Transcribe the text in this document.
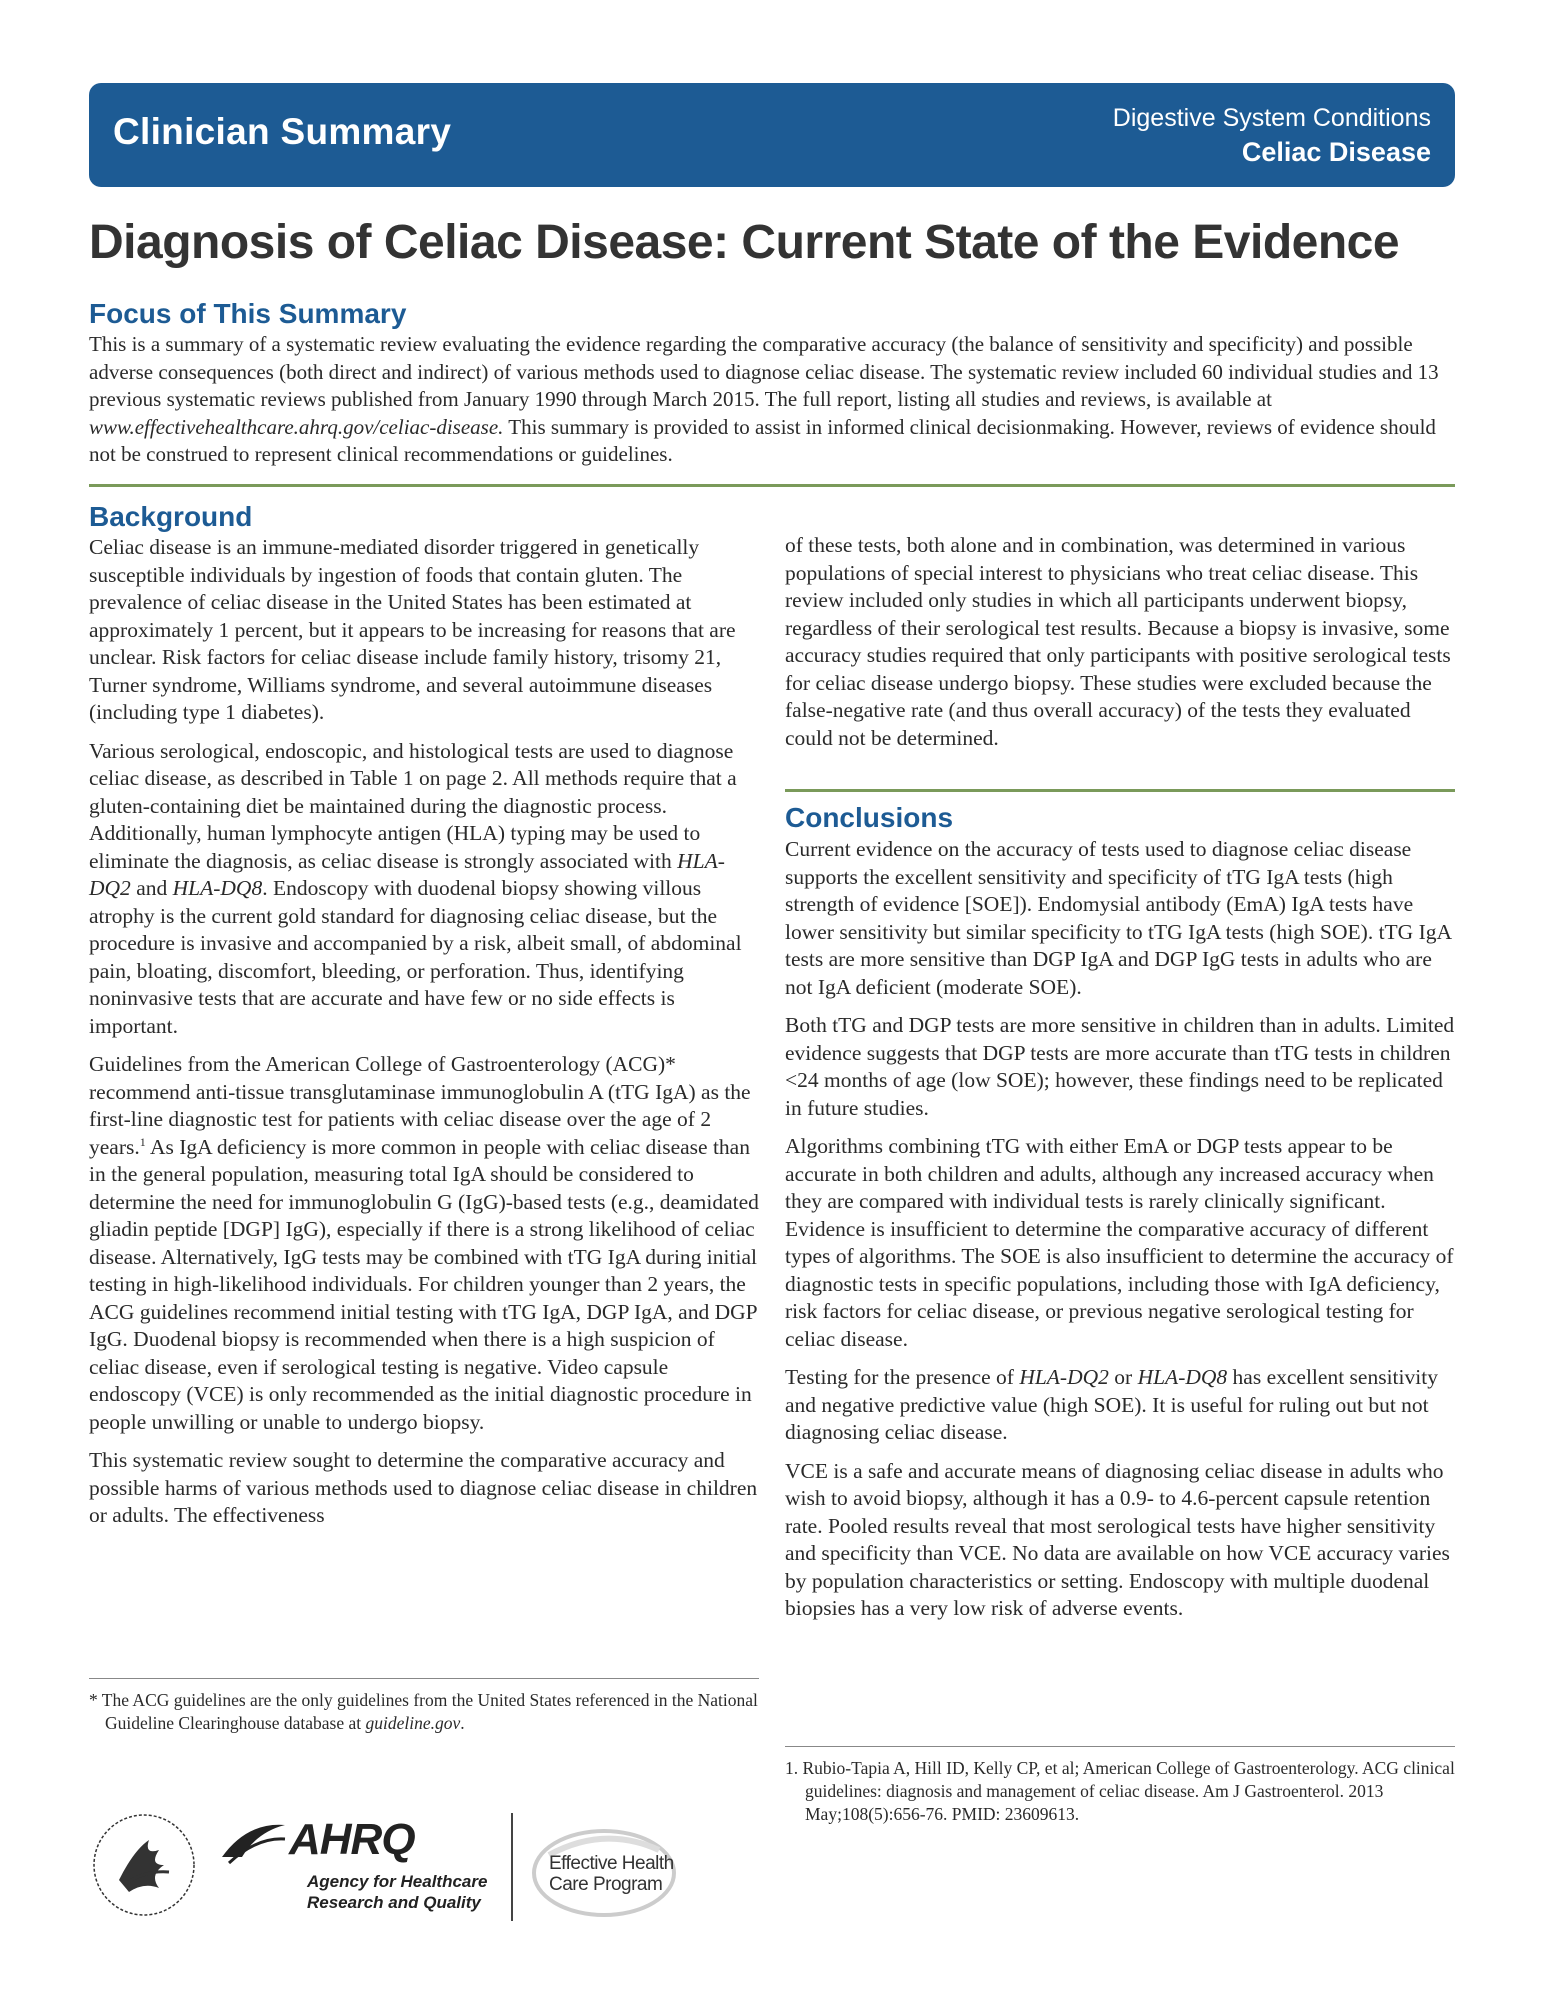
Clinician Summary	Digestive System Conditions
Celiac Disease
Diagnosis of Celiac Disease: Current State of the Evidence
Focus of This Summary

This is a summary of a systematic review evaluating the evidence regarding the comparative accuracy (the balance of sensitivity and specificity) and possible adverse consequences (both direct and indirect) of various methods used to diagnose celiac disease. The systematic review included 60 individual studies and 13 previous systematic reviews published from January 1990 through March 2015. The full report, listing all studies and reviews, is available at www.effectivehealthcare.ahrq.gov/celiac-disease. This summary is provided to assist in informed clinical decisionmaking. However, reviews of evidence should not be construed to represent clinical recommendations or guidelines.

Background

Celiac disease is an immune-mediated disorder triggered in genetically susceptible individuals by ingestion of foods that contain gluten. The prevalence of celiac disease in the United States has been estimated at approximately 1 percent, but it appears to be increasing for reasons that are unclear. Risk factors for celiac disease include family history, trisomy 21, Turner syndrome, Williams syndrome, and several autoimmune diseases (including type 1 diabetes).

Various serological, endoscopic, and histological tests are used to diagnose celiac disease, as described in Table 1 on page 2. All methods require that a gluten-containing diet be maintained during the diagnostic process. Additionally, human lymphocyte antigen (HLA) typing may be used to eliminate the diagnosis, as celiac disease is strongly associated with HLA-DQ2 and HLA-DQ8. Endoscopy with duodenal biopsy showing villous atrophy is the current gold standard for diagnosing celiac disease, but the procedure is invasive and accompanied by a risk, albeit small, of abdominal pain, bloating, discomfort, bleeding, or perforation. Thus, identifying noninvasive tests that are accurate and have few or no side effects is important.

Guidelines from the American College of Gastroenterology (ACG)* recommend anti-tissue transglutaminase immunoglobulin A (tTG IgA) as the first-line diagnostic test for patients with celiac disease over the age of 2 years.$^1$ As IgA deficiency is more common in people with celiac disease than in the general population, measuring total IgA should be considered to determine the need for immunoglobulin G (IgG)-based tests (e.g., deamidated gliadin peptide [DGP] IgG), especially if there is a strong likelihood of celiac disease. Alternatively, IgG tests may be combined with tTG IgA during initial testing in high-likelihood individuals. For children younger than 2 years, the ACG guidelines recommend initial testing with tTG IgA, DGP IgA, and DGP IgG. Duodenal biopsy is recommended when there is a high suspicion of celiac disease, even if serological testing is negative. Video capsule endoscopy (VCE) is only recommended as the initial diagnostic procedure in people unwilling or unable to undergo biopsy.

This systematic review sought to determine the comparative accuracy and possible harms of various methods used to diagnose celiac disease in children or adults. The effectiveness

of these tests, both alone and in combination, was determined in various populations of special interest to physicians who treat celiac disease. This review included only studies in which all participants underwent biopsy, regardless of their serological test results. Because a biopsy is invasive, some accuracy studies required that only participants with positive serological tests for celiac disease undergo biopsy. These studies were excluded because the false-negative rate (and thus overall accuracy) of the tests they evaluated could not be determined.

Conclusions

Current evidence on the accuracy of tests used to diagnose celiac disease supports the excellent sensitivity and specificity of tTG IgA tests (high strength of evidence [SOE]). Endomysial antibody (EmA) IgA tests have lower sensitivity but similar specificity to tTG IgA tests (high SOE). tTG IgA tests are more sensitive than DGP IgA and DGP IgG tests in adults who are not IgA deficient (moderate SOE).

Both tTG and DGP tests are more sensitive in children than in adults. Limited evidence suggests that DGP tests are more accurate than tTG tests in children <24 months of age (low SOE); however, these findings need to be replicated in future studies.

Algorithms combining tTG with either EmA or DGP tests appear to be accurate in both children and adults, although any increased accuracy when they are compared with individual tests is rarely clinically significant. Evidence is insufficient to determine the comparative accuracy of different types of algorithms. The SOE is also insufficient to determine the accuracy of diagnostic tests in specific populations, including those with IgA deficiency, risk factors for celiac disease, or previous negative serological testing for celiac disease.

Testing for the presence of HLA-DQ2 or HLA-DQ8 has excellent sensitivity and negative predictive value (high SOE). It is useful for ruling out but not diagnosing celiac disease.

VCE is a safe and accurate means of diagnosing celiac disease in adults who wish to avoid biopsy, although it has a 0.9- to 4.6-percent capsule retention rate. Pooled results reveal that most serological tests have higher sensitivity and specificity than VCE. No data are available on how VCE accuracy varies by population characteristics or setting. Endoscopy with multiple duodenal biopsies has a very low risk of adverse events.

* The ACG guidelines are the only guidelines from the United States referenced in the National Guideline Clearinghouse database at guideline.gov.
1. Rubio-Tapia A, Hill ID, Kelly CP, et al; American College of Gastroenterology. ACG clinical guidelines: diagnosis and management of celiac disease. Am J Gastroenterol. 2013 May;108(5):656-76. PMID: 23609613.
AHRQ
Agency for Healthcare
Research and Quality
Effective Health
Care Program
